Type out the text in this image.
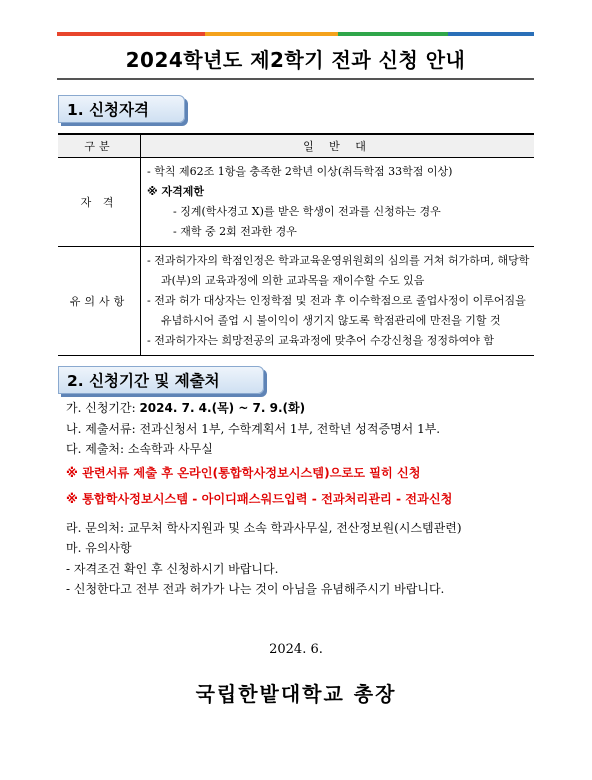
2024학년도 제2학기 전과 신청 안내
1. 신청자격
구분	일 반 대
자 격	- 학칙 제62조 1항을 충족한 2학년 이상(취득학점 33학점 이상)
※ 자격제한
- 징계(학사경고 X)를 받은 학생이 전과를 신청하는 경우
- 재학 중 2회 전과한 경우

유의사항	- 전과허가자의 학점인정은 학과교육운영위원회의 심의를 거쳐 허가하며, 해당학과(부)의 교육과정에 의한 교과목을 재이수할 수도 있음
- 전과 허가 대상자는 인정학점 및 전과 후 이수학점으로 졸업사정이 이루어짐을 유념하시어 졸업 시 불이익이 생기지 않도록 학점관리에 만전을 기할 것
- 전과허가자는 희망전공의 교육과정에 맞추어 수강신청을 정정하여야 함
2. 신청기간 및 제출처

가. 신청기간: 2024. 7. 4.(목) ~ 7. 9.(화)

나. 제출서류: 전과신청서 1부, 수학계획서 1부, 전학년 성적증명서 1부.

다. 제출처: 소속학과 사무실

※ 관련서류 제출 후 온라인(통합학사정보시스템)으로도 필히 신청

※ 통합학사정보시스템 - 아이디패스워드입력 - 전과처리관리 - 전과신청

라. 문의처: 교무처 학사지원과 및 소속 학과사무실, 전산정보원(시스템관련)

마. 유의사항

- 자격조건 확인 후 신청하시기 바랍니다.

- 신청한다고 전부 전과 허가가 나는 것이 아님을 유념해주시기 바랍니다.

2024. 6.
국립한밭대학교 총장
